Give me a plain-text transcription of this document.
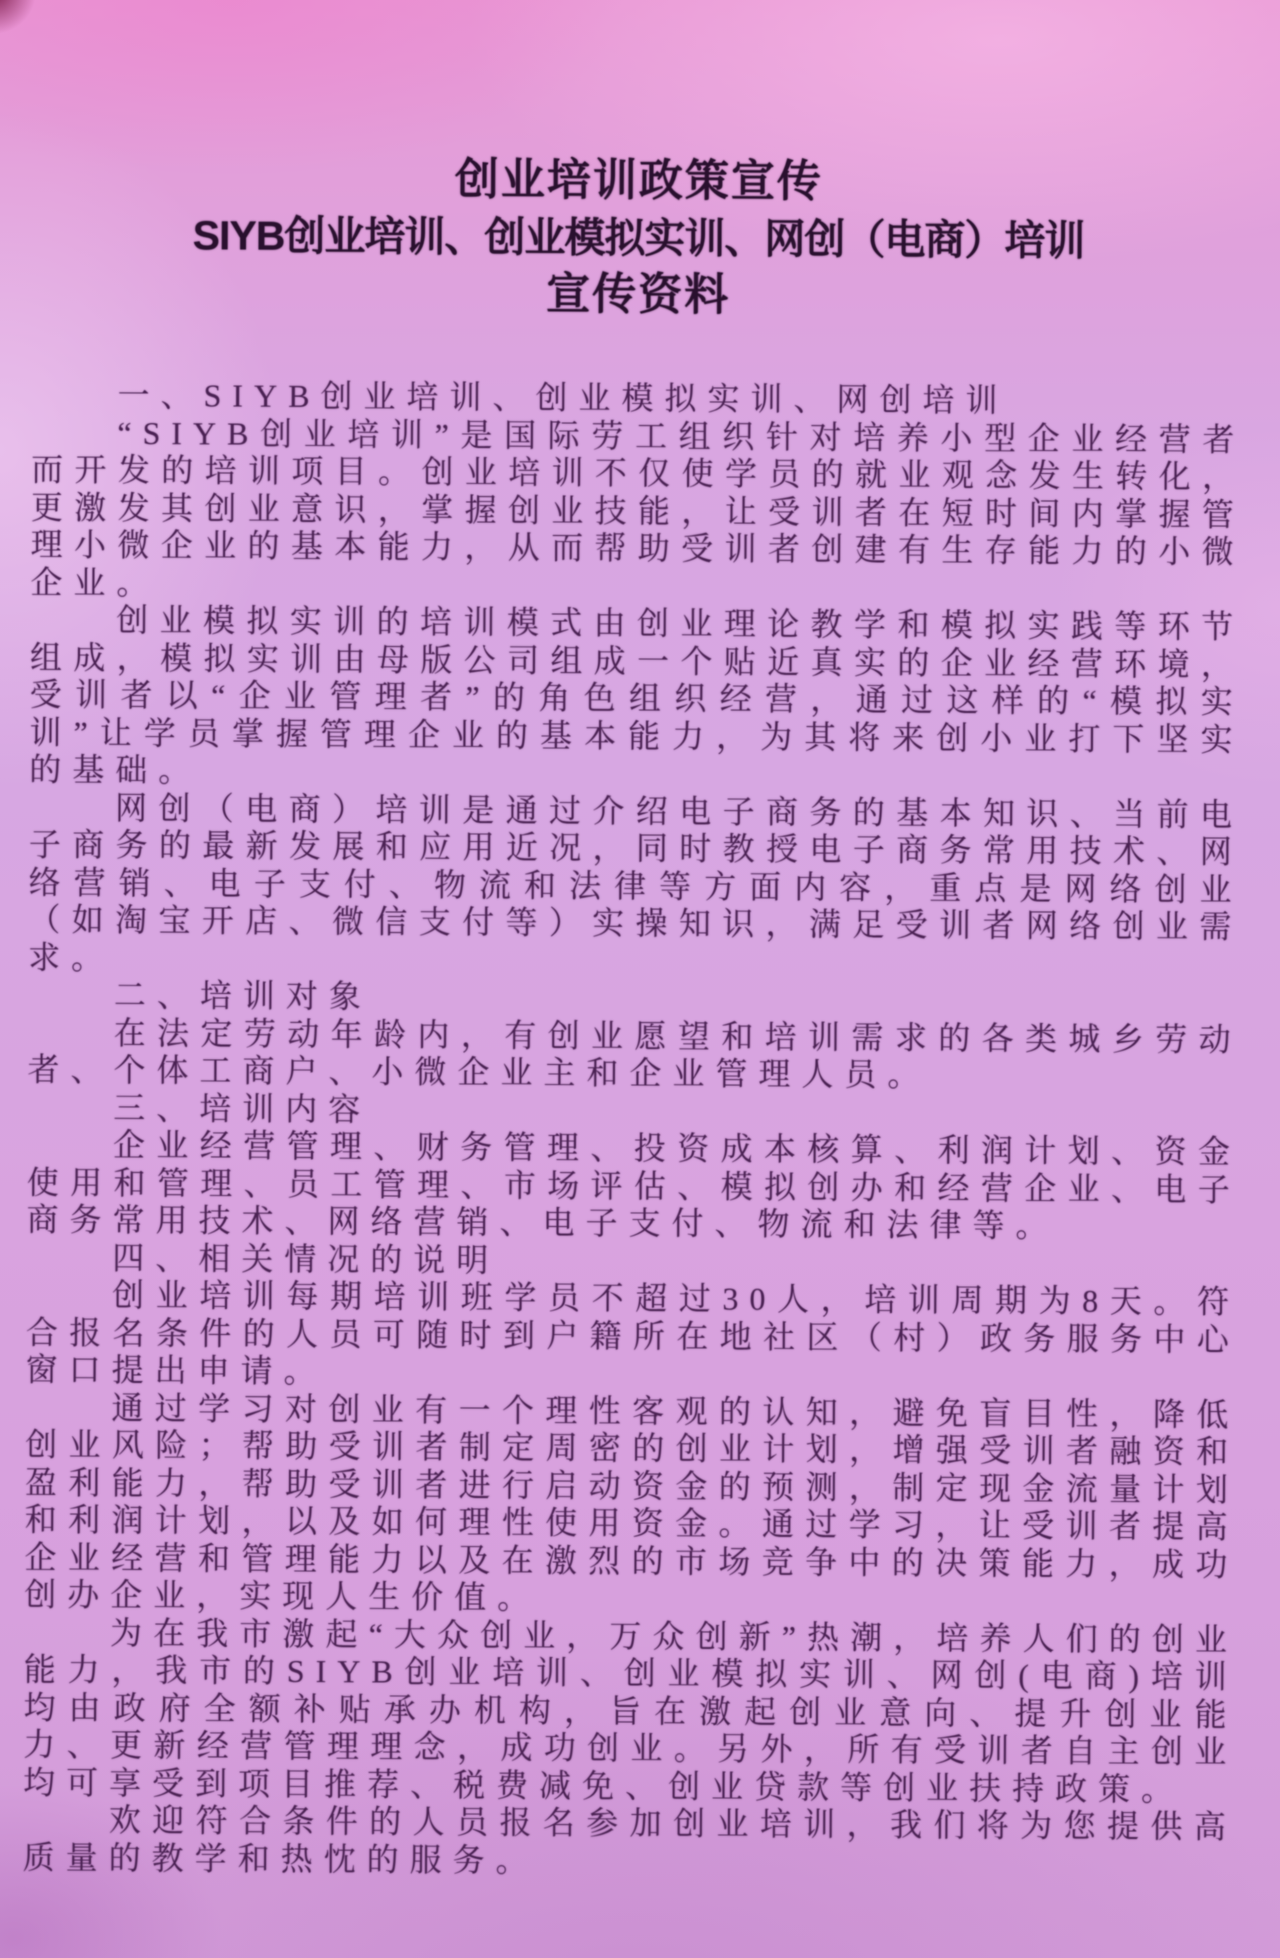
创业培训政策宣传
SIYB创业培训、创业模拟实训、网创（电商）培训
宣传资料

一、SIYB创业培训、创业模拟实训、网创培训

“SIYB创业培训”是国际劳工组织针对培养小型企业经营者而开发的培训项目。创业培训不仅使学员的就业观念发生转化，更激发其创业意识，掌握创业技能，让受训者在短时间内掌握管理小微企业的基本能力，从而帮助受训者创建有生存能力的小微企业。

创业模拟实训的培训模式由创业理论教学和模拟实践等环节组成，模拟实训由母版公司组成一个贴近真实的企业经营环境，受训者以“企业管理者”的角色组织经营，通过这样的“模拟实训”让学员掌握管理企业的基本能力，为其将来创小业打下坚实的基础。

网创（电商）培训是通过介绍电子商务的基本知识、当前电子商务的最新发展和应用近况，同时教授电子商务常用技术、网络营销、电子支付、物流和法律等方面内容，重点是网络创业（如淘宝开店、微信支付等）实操知识，满足受训者网络创业需求。

二、培训对象

在法定劳动年龄内，有创业愿望和培训需求的各类城乡劳动者、个体工商户、小微企业主和企业管理人员。

三、培训内容

企业经营管理、财务管理、投资成本核算、利润计划、资金使用和管理、员工管理、市场评估、模拟创办和经营企业、电子商务常用技术、网络营销、电子支付、物流和法律等。

四、相关情况的说明

创业培训每期培训班学员不超过30人，培训周期为8天。符合报名条件的人员可随时到户籍所在地社区（村）政务服务中心窗口提出申请。

通过学习对创业有一个理性客观的认知，避免盲目性，降低创业风险；帮助受训者制定周密的创业计划，增强受训者融资和盈利能力，帮助受训者进行启动资金的预测，制定现金流量计划和利润计划，以及如何理性使用资金。通过学习，让受训者提高企业经营和管理能力以及在激烈的市场竞争中的决策能力，成功创办企业，实现人生价值。

为在我市激起“大众创业，万众创新”热潮，培养人们的创业能力，我市的SIYB创业培训、创业模拟实训、网创(电商)培训均由政府全额补贴承办机构，旨在激起创业意向、提升创业能力、更新经营管理理念，成功创业。另外，所有受训者自主创业均可享受到项目推荐、税费减免、创业贷款等创业扶持政策。

欢迎符合条件的人员报名参加创业培训，我们将为您提供高质量的教学和热忱的服务。
